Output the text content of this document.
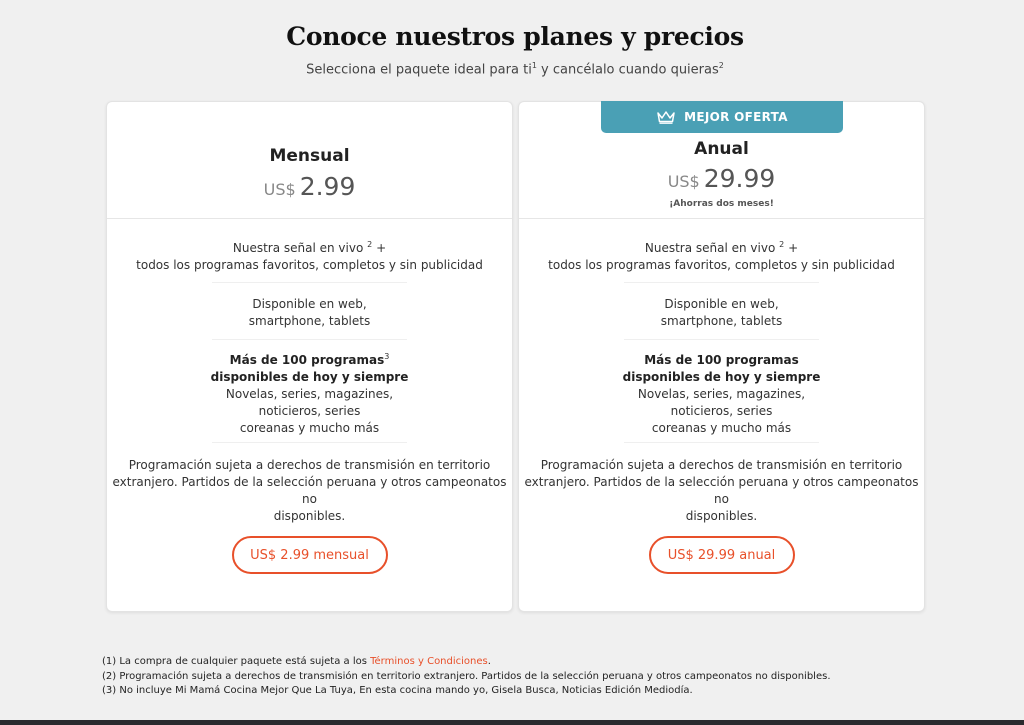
Conoce nuestros planes y precios
Selecciona el paquete ideal para $ti^1$ y cancélalo cuando quieras$^2$
Mensual
US$ 2.99
Nuestra señal en vivo $^2$ +
todos los programas favoritos, completos y sin publicidad
Disponible en web,
smartphone, tablets
Más de 100 programas$^3$
disponibles de hoy y siempre
Novelas, series, magazines,
noticieros, series
coreanas y mucho más
Programación sujeta a derechos de transmisión en territorio
extranjero. Partidos de la selección peruana y otros campeonatos no
disponibles.
US$ 2.99 mensual
MEJOR OFERTA
Anual
US$ 29.99
¡Ahorras dos meses!
Nuestra señal en vivo $^2$ +
todos los programas favoritos, completos y sin publicidad
Disponible en web,
smartphone, tablets
Más de 100 programas
disponibles de hoy y siempre
Novelas, series, magazines,
noticieros, series
coreanas y mucho más
Programación sujeta a derechos de transmisión en territorio
extranjero. Partidos de la selección peruana y otros campeonatos no
disponibles.
US$ 29.99 anual
(1) La compra de cualquier paquete está sujeta a los Términos y Condiciones.
(2) Programación sujeta a derechos de transmisión en territorio extranjero. Partidos de la selección peruana y otros campeonatos no disponibles.
(3) No incluye Mi Mamá Cocina Mejor Que La Tuya, En esta cocina mando yo, Gisela Busca, Noticias Edición Mediodía.
